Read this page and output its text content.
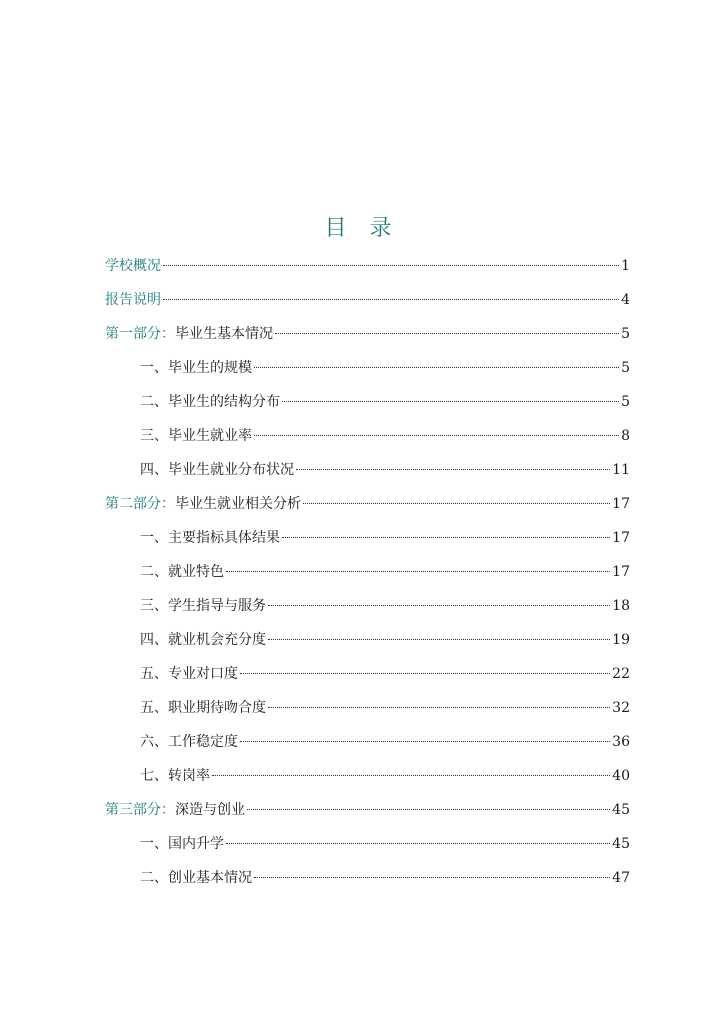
目 录
学校概况	1
报告说明	4
第一部分：毕业生基本情况	5
一、毕业生的规模	5
二、毕业生的结构分布	5
三、毕业生就业率	8
四、毕业生就业分布状况	11
第二部分：毕业生就业相关分析	17
一、主要指标具体结果	17
二、就业特色	17
三、学生指导与服务	18
四、就业机会充分度	19
五、专业对口度	22
五、职业期待吻合度	32
六、工作稳定度	36
七、转岗率	40
第三部分：深造与创业	45
一、国内升学	45
二、创业基本情况	47
